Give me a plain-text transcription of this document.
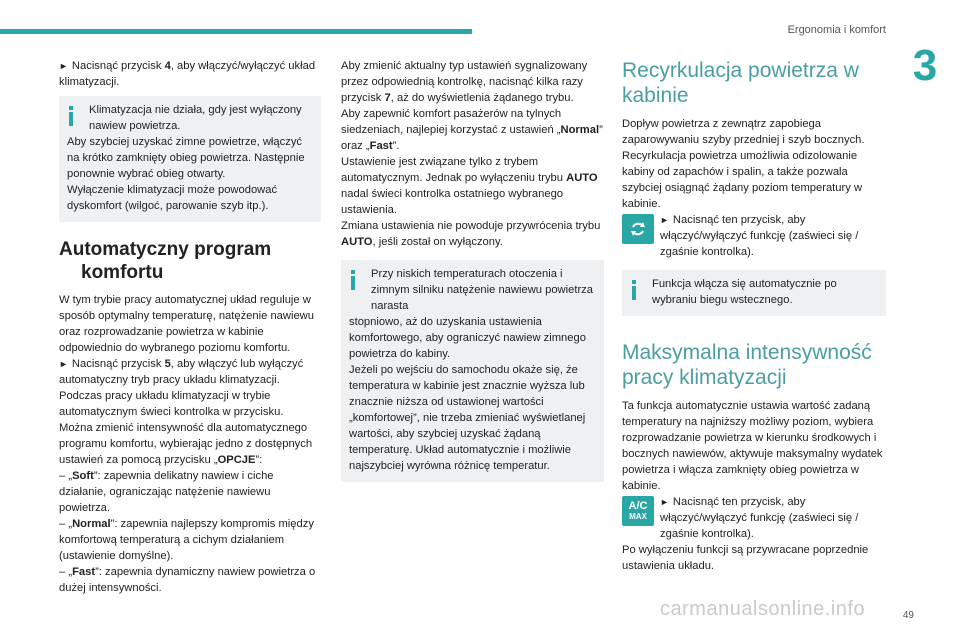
Ergonomia i komfort
3

► Nacisnąć przycisk 4, aby włączyć/wyłączyć układ klimatyzacji.

Klimatyzacja nie działa, gdy jest wyłączony nawiew powietrza.
Aby szybciej uzyskać zimne powietrze, włączyć na krótko zamknięty obieg powietrza. Następnie ponownie wybrać obieg otwarty.
Wyłączenie klimatyzacji może powodować dyskomfort (wilgoć, parowanie szyb itp.).
Automatyczny program
komfortu

W tym trybie pracy automatycznej układ reguluje w sposób optymalny temperaturę, natężenie nawiewu oraz rozprowadzanie powietrza w kabinie odpowiednio do wybranego poziomu komfortu.

► Nacisnąć przycisk 5, aby włączyć lub wyłączyć automatyczny tryb pracy układu klimatyzacji.

Podczas pracy układu klimatyzacji w trybie automatycznym świeci kontrolka w przycisku.

Można zmienić intensywność dla automatycznego programu komfortu, wybierając jedno z dostępnych ustawień za pomocą przycisku „OPCJE”:

– „Soft”: zapewnia delikatny nawiew i ciche działanie, ograniczając natężenie nawiewu powietrza.

– „Normal”: zapewnia najlepszy kompromis między komfortową temperaturą a cichym działaniem (ustawienie domyślne).

– „Fast”: zapewnia dynamiczny nawiew powietrza o dużej intensywności.

Aby zmienić aktualny typ ustawień sygnalizowany przez odpowiednią kontrolkę, nacisnąć kilka razy przycisk 7, aż do wyświetlenia żądanego trybu.

Aby zapewnić komfort pasażerów na tylnych siedzeniach, najlepiej korzystać z ustawień „Normal” oraz „Fast”.

Ustawienie jest związane tylko z trybem automatycznym. Jednak po wyłączeniu trybu AUTO nadal świeci kontrolka ostatniego wybranego ustawienia.

Zmiana ustawienia nie powoduje przywrócenia trybu AUTO, jeśli został on wyłączony.

Przy niskich temperaturach otoczenia i zimnym silniku natężenie nawiewu powietrza narasta
stopniowo, aż do uzyskania ustawienia komfortowego, aby ograniczyć nawiew zimnego powietrza do kabiny.
Jeżeli po wejściu do samochodu okaże się, że temperatura w kabinie jest znacznie wyższa lub znacznie niższa od ustawionej wartości „komfortowej”, nie trzeba zmieniać wyświetlanej wartości, aby szybciej uzyskać żądaną temperaturę. Układ automatycznie i możliwie najszybciej wyrówna różnicę temperatur.
Recyrkulacja powietrza w kabinie

Dopływ powietrza z zewnątrz zapobiega zaparowywaniu szyby przedniej i szyb bocznych. Recyrkulacja powietrza umożliwia odizolowanie kabiny od zapachów i spalin, a także pozwala szybciej osiągnąć żądany poziom temperatury w kabinie.

► Nacisnąć ten przycisk, aby włączyć/wyłączyć funkcję (zaświeci się / zgaśnie kontrolka).
Funkcja włącza się automatycznie po wybraniu biegu wstecznego.
Maksymalna intensywność pracy klimatyzacji

Ta funkcja automatycznie ustawia wartość zadaną temperatury na najniższy możliwy poziom, wybiera rozprowadzanie powietrza w kierunku środkowych i bocznych nawiewów, aktywuje maksymalny wydatek powietrza i włącza zamknięty obieg powietrza w kabinie.

A/C
MAX
► Nacisnąć ten przycisk, aby włączyć/wyłączyć funkcję (zaświeci się / zgaśnie kontrolka).

Po wyłączeniu funkcji są przywracane poprzednie ustawienia układu.

carmanualsonline.info	49
